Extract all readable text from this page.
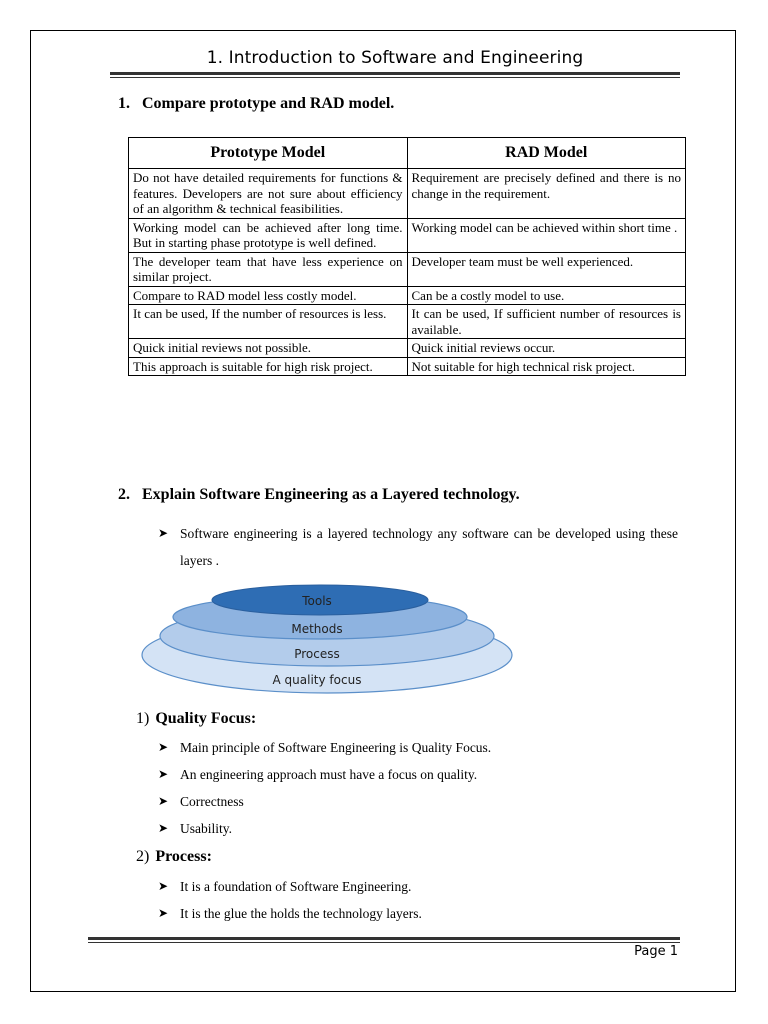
1. Introduction to Software and Engineering
1. Compare prototype and RAD model.
Prototype Model	RAD Model
Do not have detailed requirements for functions & features. Developers are not sure about efficiency of an algorithm & technical feasibilities.	Requirement are precisely defined and there is no change in the requirement.
Working model can be achieved after long time. But in starting phase prototype is well defined.	Working model can be achieved within short time .
The developer team that have less experience on similar project.	Developer team must be well experienced.
Compare to RAD model less costly model.	Can be a costly model to use.
It can be used, If the number of resources is less.	It can be used, If sufficient number of resources is available.
Quick initial reviews not possible.	Quick initial reviews occur.
This approach is suitable for high risk project.	Not suitable for high technical risk project.
2. Explain Software Engineering as a Layered technology.
➤ Software engineering is a layered technology any software can be developed using these layers .
Tools
Methods
Process
A quality focus
1) Quality Focus:
➤ Main principle of Software Engineering is Quality Focus.
➤ An engineering approach must have a focus on quality.
➤ Correctness
➤ Usability.
2) Process:
➤ It is a foundation of Software Engineering.
➤ It is the glue the holds the technology layers.
Page 1
